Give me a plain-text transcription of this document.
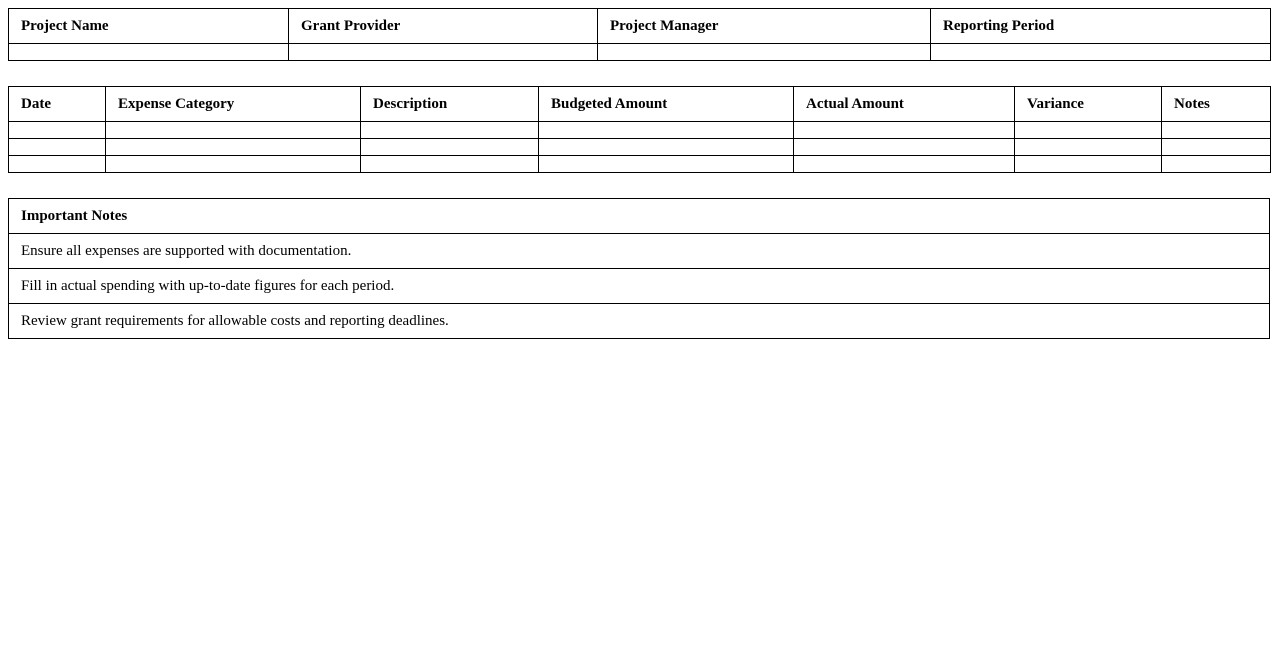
Project Name	Grant Provider	Project Manager	Reporting Period

Date	Expense Category	Description	Budgeted Amount	Actual Amount	Variance	Notes

Important Notes
Ensure all expenses are supported with documentation.
Fill in actual spending with up-to-date figures for each period.
Review grant requirements for allowable costs and reporting deadlines.
